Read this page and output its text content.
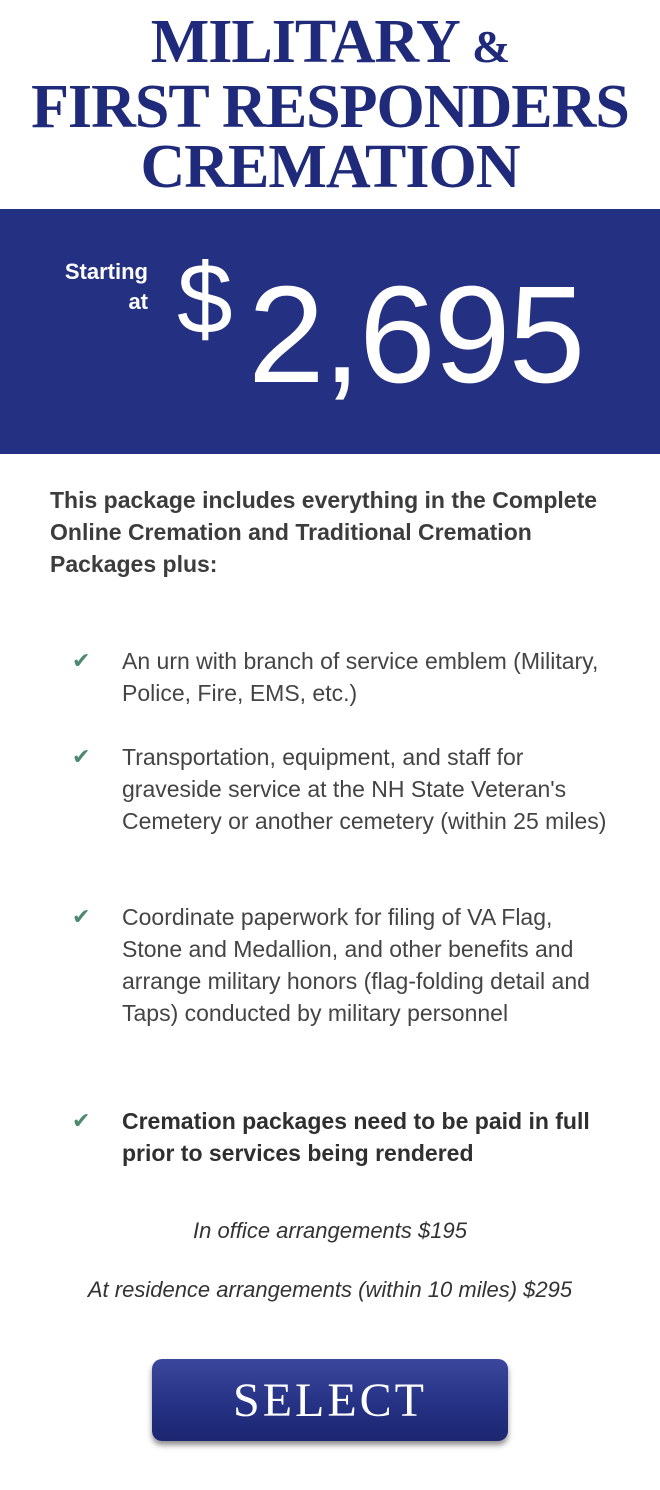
MILITARY &
FIRST RESPONDERS
CREMATION
Starting
at $ 2,695

This package includes everything in the Complete Online Cremation and Traditional Cremation Packages plus:

✔	An urn with branch of service emblem (Military, Police, Fire, EMS, etc.)
✔	Transportation, equipment, and staff for graveside service at the NH State Veteran's Cemetery or another cemetery (within 25 miles)
✔	Coordinate paperwork for filing of VA Flag, Stone and Medallion, and other benefits and arrange military honors (flag-folding detail and Taps) conducted by military personnel
✔	Cremation packages need to be paid in full prior to services being rendered

In office arrangements $195

At residence arrangements (within 10 miles) $295

SELECT
